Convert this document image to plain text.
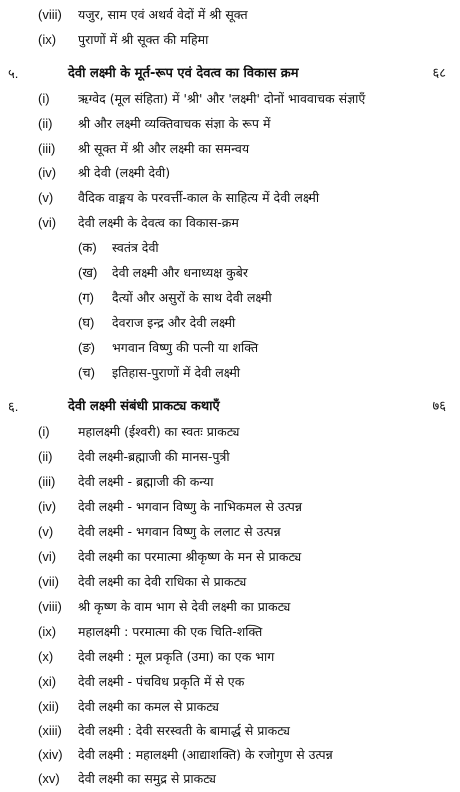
(viii) यजुर, साम एवं अथर्व वेदों में श्री सूक्त
(ix) पुराणों में श्री सूक्त की महिमा
५.	देवी लक्ष्मी के मूर्त-रूप एवं देवत्व का विकास क्रम	६८
(i) ऋग्वेद (मूल संहिता) में 'श्री' और 'लक्ष्मी' दोनों भाववाचक संज्ञाएँ
(ii) श्री और लक्ष्मी व्यक्तिवाचक संज्ञा के रूप में
(iii) श्री सूक्त में श्री और लक्ष्मी का समन्वय
(iv) श्री देवी (लक्ष्मी देवी)
(v) वैदिक वाङ्मय के परवर्त्ती-काल के साहित्य में देवी लक्ष्मी
(vi) देवी लक्ष्मी के देवत्व का विकास-क्रम
(क) स्वतंत्र देवी
(ख) देवी लक्ष्मी और धनाध्यक्ष कुबेर
(ग) दैत्यों और असुरों के साथ देवी लक्ष्मी
(घ) देवराज इन्द्र और देवी लक्ष्मी
(ङ) भगवान विष्णु की पत्नी या शक्ति
(च) इतिहास-पुराणों में देवी लक्ष्मी
६.	देवी लक्ष्मी संबंधी प्राकट्य कथाएँ	७६
(i) महालक्ष्मी (ईश्वरी) का स्वतः प्राकट्य
(ii) देवी लक्ष्मी-ब्रह्माजी की मानस-पुत्री
(iii) देवी लक्ष्मी - ब्रह्माजी की कन्या
(iv) देवी लक्ष्मी - भगवान विष्णु के नाभिकमल से उत्पन्न
(v) देवी लक्ष्मी - भगवान विष्णु के ललाट से उत्पन्न
(vi) देवी लक्ष्मी का परमात्मा श्रीकृष्ण के मन से प्राकट्य
(vii) देवी लक्ष्मी का देवी राधिका से प्राकट्य
(viii) श्री कृष्ण के वाम भाग से देवी लक्ष्मी का प्राकट्य
(ix) महालक्ष्मी : परमात्मा की एक चिति-शक्ति
(x) देवी लक्ष्मी : मूल प्रकृति (उमा) का एक भाग
(xi) देवी लक्ष्मी - पंचविध प्रकृति में से एक
(xii) देवी लक्ष्मी का कमल से प्राकट्य
(xiii) देवी लक्ष्मी : देवी सरस्वती के बामार्द्ध से प्राकट्य
(xiv) देवी लक्ष्मी : महालक्ष्मी (आद्याशक्ति) के रजोगुण से उत्पन्न
(xv) देवी लक्ष्मी का समुद्र से प्राकट्य
